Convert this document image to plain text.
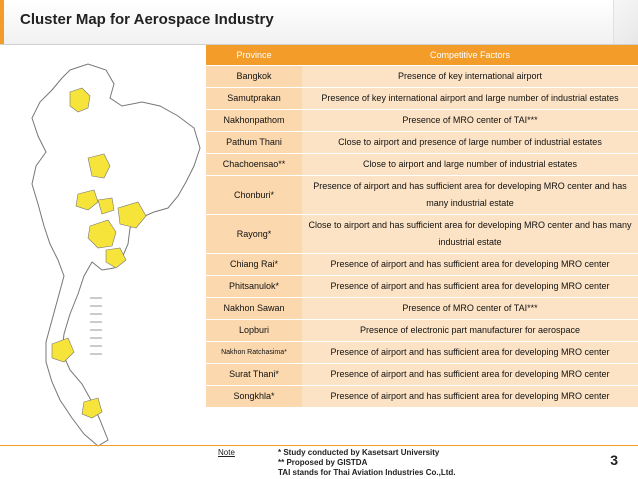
Cluster Map for Aerospace Industry
Province	Competitive Factors
Bangkok	Presence of key international airport
Samutprakan	Presence of key international airport and large number of industrial estates
Nakhonpathom	Presence of MRO center of TAI***
Pathum Thani	Close to airport and presence of large number of industrial estates
Chachoensao**	Close to airport and large number of industrial estates
Chonburi*	Presence of airport and has sufficient area for developing MRO center and has many industrial estate
Rayong*	Close to airport and has sufficient area for developing MRO center and has many industrial estate
Chiang Rai*	Presence of airport and has sufficient area for developing MRO center
Phitsanulok*	Presence of airport and has sufficient area for developing MRO center
Nakhon Sawan	Presence of MRO center of TAI***
Lopburi	Presence of electronic part manufacturer for aerospace
Nakhon Ratchasima*	Presence of airport and has sufficient area for developing MRO center
Surat Thani*	Presence of airport and has sufficient area for developing MRO center
Songkhla*	Presence of airport and has sufficient area for developing MRO center
Note	* Study conducted by Kasetsart University
** Proposed by GISTDA
TAI stands for Thai Aviation Industries Co.,Ltd.
3
